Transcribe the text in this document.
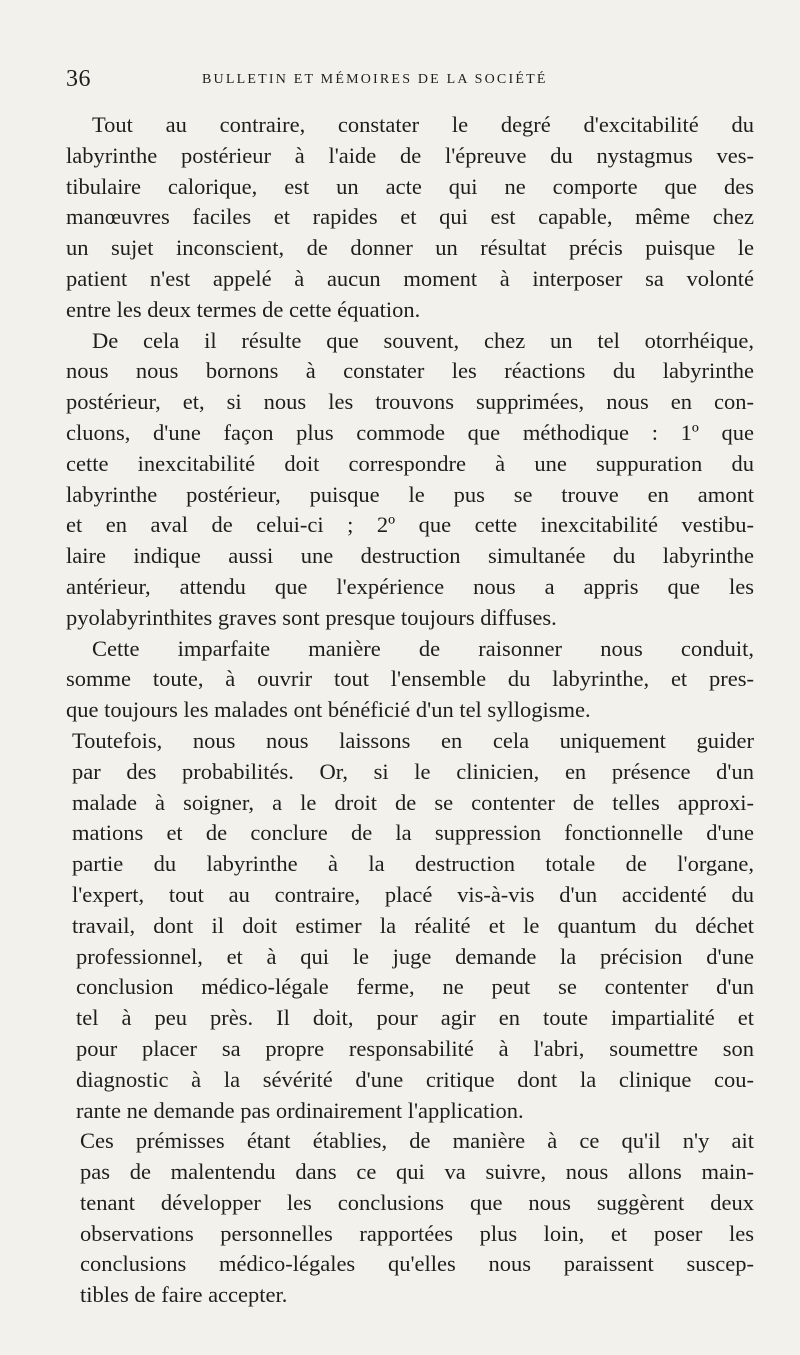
36	BULLETIN ET MÉMOIRES DE LA SOCIÉTÉ
Tout au contraire, constater le degré d'excitabilité du
labyrinthe postérieur à l'aide de l'épreuve du nystagmus ves-
tibulaire calorique, est un acte qui ne comporte que des
manœuvres faciles et rapides et qui est capable, même chez
un sujet inconscient, de donner un résultat précis puisque le
patient n'est appelé à aucun moment à interposer sa volonté
entre les deux termes de cette équation.
De cela il résulte que souvent, chez un tel otorrhéique,
nous nous bornons à constater les réactions du labyrinthe
postérieur, et, si nous les trouvons supprimées, nous en con-
cluons, d'une façon plus commode que méthodique : 1º que
cette inexcitabilité doit correspondre à une suppuration du
labyrinthe postérieur, puisque le pus se trouve en amont
et en aval de celui-ci ; 2º que cette inexcitabilité vestibu-
laire indique aussi une destruction simultanée du labyrinthe
antérieur, attendu que l'expérience nous a appris que les
pyolabyrinthites graves sont presque toujours diffuses.
Cette imparfaite manière de raisonner nous conduit,
somme toute, à ouvrir tout l'ensemble du labyrinthe, et pres-
que toujours les malades ont bénéficié d'un tel syllogisme.
Toutefois, nous nous laissons en cela uniquement guider
par des probabilités. Or, si le clinicien, en présence d'un
malade à soigner, a le droit de se contenter de telles approxi-
mations et de conclure de la suppression fonctionnelle d'une
partie du labyrinthe à la destruction totale de l'organe,
l'expert, tout au contraire, placé vis-à-vis d'un accidenté du
travail, dont il doit estimer la réalité et le quantum du déchet
professionnel, et à qui le juge demande la précision d'une
conclusion médico-légale ferme, ne peut se contenter d'un
tel à peu près. Il doit, pour agir en toute impartialité et
pour placer sa propre responsabilité à l'abri, soumettre son
diagnostic à la sévérité d'une critique dont la clinique cou-
rante ne demande pas ordinairement l'application.
Ces prémisses étant établies, de manière à ce qu'il n'y ait
pas de malentendu dans ce qui va suivre, nous allons main-
tenant développer les conclusions que nous suggèrent deux
observations personnelles rapportées plus loin, et poser les
conclusions médico-légales qu'elles nous paraissent suscep-
tibles de faire accepter.
